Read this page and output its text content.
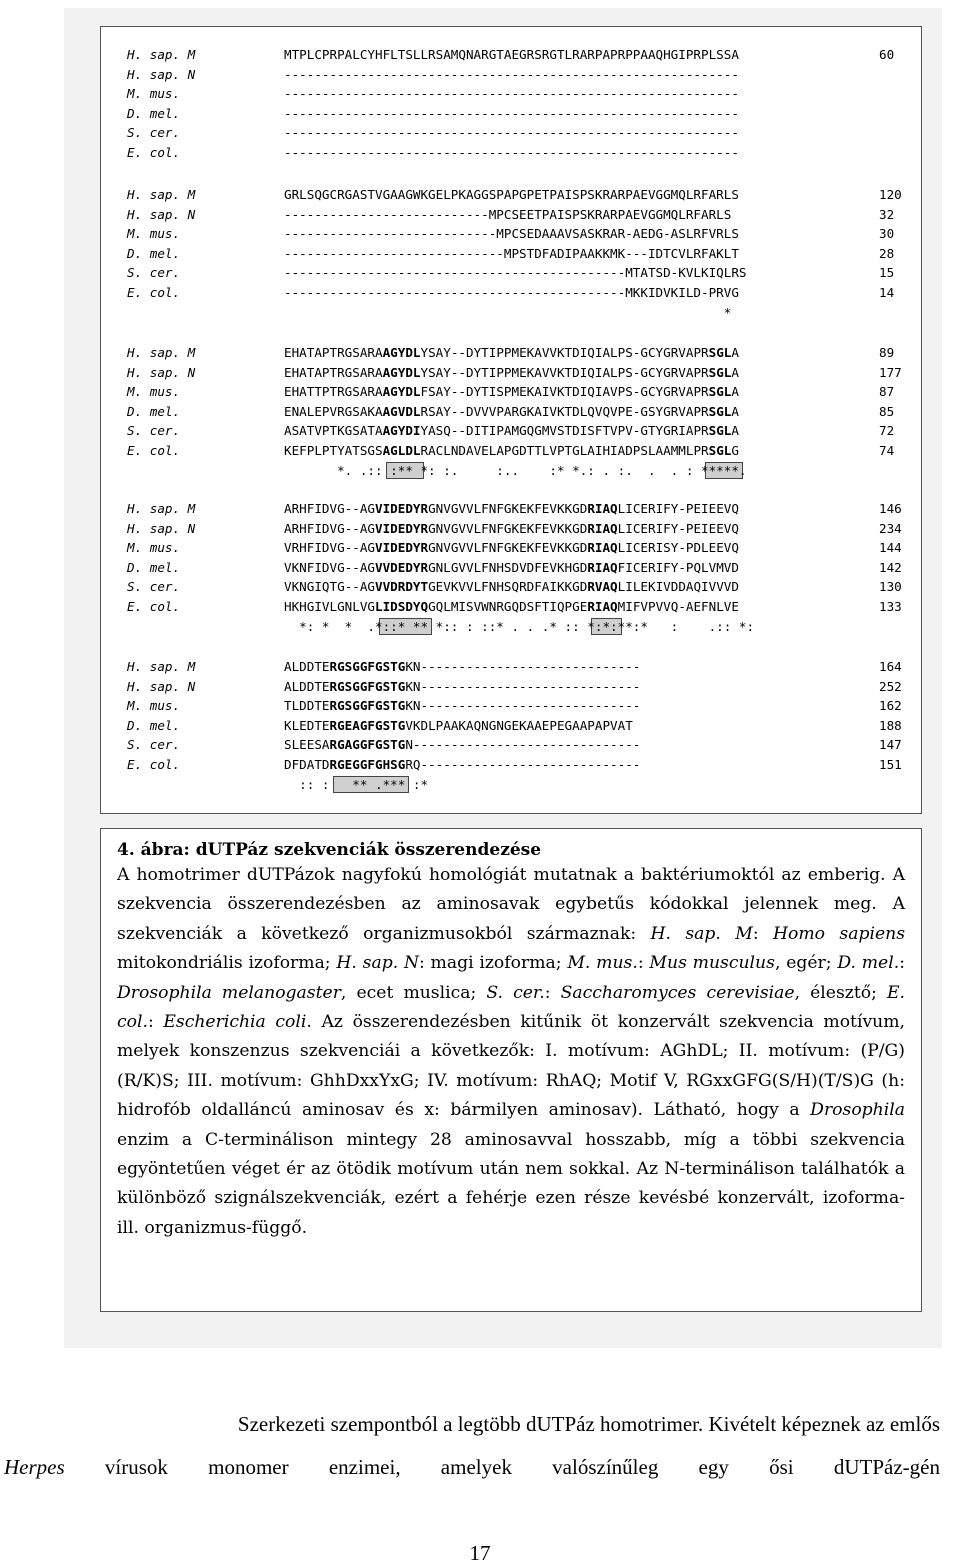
H. sap. M	MTPLCPRPALCYHFLTSLLRSAMQNARGTAEGRSRGTLRARPAPRPPAAQHGIPRPLSSA	60
H. sap. N	------------------------------------------------------------
M. mus.	------------------------------------------------------------
D. mel.	------------------------------------------------------------
S. cer.	------------------------------------------------------------
E. col.	------------------------------------------------------------
H. sap. M	GRLSQGCRGASTVGAAGWKGELPKAGGSPAPGPETPAISPSKRARPAEVGGMQLRFARLS	120
H. sap. N	---------------------------MPCSEETPAISPSKRARPAEVGGMQLRFARLS	32
M. mus.	----------------------------MPCSEDAAAVSASKRAR-AEDG-ASLRFVRLS	30
D. mel.	-----------------------------MPSTDFADIPAAKKMK---IDTCVLRFAKLT	28
S. cer.	---------------------------------------------MTATSD-KVLKIQLRS	15
E. col.	---------------------------------------------MKKIDVKILD-PRVG	14
*
H. sap. M	EHATAPTRGSARAAGYDLYSAY--DYTIPPMEKAVVKTDIQIALPS-GCYGRVAPRSGLA	89
H. sap. N	EHATAPTRGSARAAGYDLYSAY--DYTIPPMEKAVVKTDIQIALPS-GCYGRVAPRSGLA	177
M. mus.	EHATTPTRGSARAAGYDLFSAY--DYTISPMEKAIVKTDIQIAVPS-GCYGRVAPRSGLA	87
D. mel.	ENALEPVRGSAKAAGVDLRSAY--DVVVPARGKAIVKTDLQVQVPE-GSYGRVAPRSGLA	85
S. cer.	ASATVPTKGSATAAGYDIYASQ--DITIPAMGQGMVSTDISFTVPV-GTYGRIAPRSGLA	72
E. col.	KEFPLPTYATSGSAGLDLRACLNDAVELAPGDTTLVPTGLAIHIADPSLAAMMLPRSGLG	74
*. .:: :** *: :.     :..    :* *.: . :.  .  . : *****.
H. sap. M	ARHFIDVG--AGVIDEDYRGNVGVVLFNFGKEKFEVKKGDRIAQLICERIFY-PEIEEVQ	146
H. sap. N	ARHFIDVG--AGVIDEDYRGNVGVVLFNFGKEKFEVKKGDRIAQLICERIFY-PEIEEVQ	234
M. mus.	VRHFIDVG--AGVIDEDYRGNVGVVLFNFGKEKFEVKKGDRIAQLICERISY-PDLEEVQ	144
D. mel.	VKNFIDVG--AGVVDEDYRGNLGVVLFNHSDVDFEVKHGDRIAQFICERIFY-PQLVMVD	142
S. cer.	VKNGIQTG--AGVVDRDYTGEVKVVLFNHSQRDFAIKKGDRVAQLILEKIVDDAQIVVVD	130
E. col.	HKHGIVLGNLVGLIDSDYQGQLMISVWNRGQDSFTIQPGERIAQMIFVPVVQ-AEFNLVE	133
*: *  *  .*::* ** *:: : ::* . . .* :: *:*:**:*   :    .:: *:
H. sap. M	ALDDTERGSGGFGSTGKN-----------------------------	164
H. sap. N	ALDDTERGSGGFGSTGKN-----------------------------	252
M. mus.	TLDDTERGSGGFGSTGKN-----------------------------	162
D. mel.	KLEDTERGEAGFGSTGVKDLPAAKAQNGNGEKAAEPEGAAPAPVAT	188
S. cer.	SLEESARGAGGFGSTGN------------------------------	147
E. col.	DFDATDRGEGGFGHSGRQ-----------------------------	151
:: :   ** .*** :*
4. ábra: dUTPáz szekvenciák összerendezése
A homotrimer dUTPázok nagyfokú homológiát mutatnak a baktériumoktól az emberig. A szekvencia összerendezésben az aminosavak egybetűs kódokkal jelennek meg. A szekvenciák a következő organizmusokból származnak: H. sap. M: Homo sapiens mitokondriális izoforma; H. sap. N: magi izoforma; M. mus.: Mus musculus, egér; D. mel.: Drosophila melanogaster, ecet muslica; S. cer.: Saccharomyces cerevisiae, élesztő; E. col.: Escherichia coli. Az összerendezésben kitűnik öt konzervált szekvencia motívum, melyek konszenzus szekvenciái a következők: I. motívum: AGhDL; II. motívum: (P/G)(R/K)S; III. motívum: GhhDxxYxG; IV. motívum: RhAQ; Motif V, RGxxGFG(S/H)(T/S)G (h: hidrofób oldalláncú aminosav és x: bármilyen aminosav). Látható, hogy a Drosophila enzim a C-terminálison mintegy 28 aminosavval hosszabb, míg a többi szekvencia egyöntetűen véget ér az ötödik motívum után nem sokkal. Az N-terminálison találhatók a különböző szignálszekvenciák, ezért a fehérje ezen része kevésbé konzervált, izoforma- ill. organizmus-függő.
Szerkezeti szempontból a legtöbb dUTPáz homotrimer. Kivételt képeznek az emlős
Herpes vírusok monomer enzimei, amelyek valószínűleg egy ősi dUTPáz-gén
17
